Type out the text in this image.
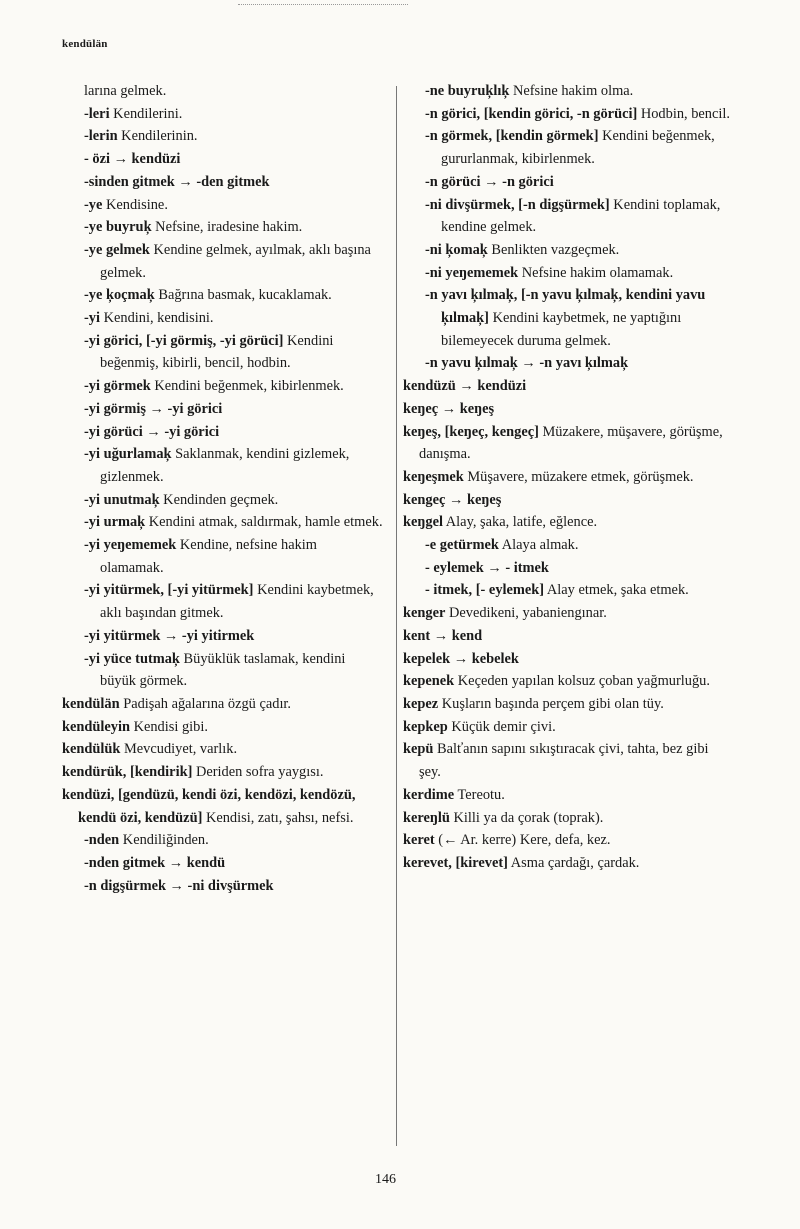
kendülän

larına gelmek.

-leri Kendilerini.

-lerin Kendilerinin.

- özi → kendüzi

-sinden gitmek → -den gitmek

-ye Kendisine.

-ye buyruķ Nefsine, iradesine hakim.

-ye gelmek Kendine gelmek, ayılmak, aklı başına gelmek.

-ye ķoçmaķ Bağrına basmak, kucaklamak.

-yi Kendini, kendisini.

-yi görici, [-yi görmiş, -yi görüci] Kendini beğenmiş, kibirli, bencil, hodbin.

-yi görmek Kendini beğenmek, kibirlenmek.

-yi görmiş → -yi görici

-yi görüci → -yi görici

-yi uğurlamaķ Saklanmak, kendini gizlemek, gizlenmek.

-yi unutmaķ Kendinden geçmek.

-yi urmaķ Kendini atmak, saldırmak, hamle etmek.

-yi yeŋememek Kendine, nefsine hakim olamamak.

-yi yitürmek, [-yi yitürmek] Kendini kaybetmek, aklı başından gitmek.

-yi yitürmek → -yi yitirmek

-yi yüce tutmaķ Büyüklük taslamak, kendini büyük görmek.

kendülän Padişah ağalarına özgü çadır.

kendüleyin Kendisi gibi.

kendülük Mevcudiyet, varlık.

kendürük, [kendirik] Deriden sofra yaygısı.

kendüzi, [gendüzü, kendi özi, kendözi, kendözü, kendü özi, kendüzü] Kendisi, zatı, şahsı, nefsi.

-nden Kendiliğinden.

-nden gitmek → kendü

-n digşürmek → -ni divşürmek

-ne buyruķlıķ Nefsine hakim olma.

-n görici, [kendin görici, -n görüci] Hodbin, bencil.

-n görmek, [kendin görmek] Kendini beğenmek, gururlanmak, kibirlenmek.

-n görüci → -n görici

-ni divşürmek, [-n digşürmek] Kendini toplamak, kendine gelmek.

-ni ķomaķ Benlikten vazgeçmek.

-ni yeŋememek Nefsine hakim olamamak.

-n yavı ķılmaķ, [-n yavu ķılmaķ, kendini yavu ķılmaķ] Kendini kaybetmek, ne yaptığını bilemeyecek duruma gelmek.

-n yavu ķılmaķ → -n yavı ķılmaķ

kendüzü → kendüzi

keŋeç → keŋeş

keŋeş, [keŋeç, kengeç] Müzakere, müşavere, görüşme, danışma.

keŋeşmek Müşavere, müzakere etmek, görüşmek.

kengeç → keŋeş

keŋgel Alay, şaka, latife, eğlence.

-e getürmek Alaya almak.

- eylemek → - itmek

- itmek, [- eylemek] Alay etmek, şaka etmek.

kenger Devedikeni, yabaniengınar.

kent → kend

kepelek → kebelek

kepenek Keçeden yapılan kolsuz çoban yağmurluğu.

kepez Kuşların başında perçem gibi olan tüy.

kepkep Küçük demir çivi.

kepü Balťanın sapını sıkıştıracak çivi, tahta, bez gibi şey.

kerdime Tereotu.

kereŋlü Killi ya da çorak (toprak).

keret (← Ar. kerre) Kere, defa, kez.

kerevet, [kirevet] Asma çardağı, çardak.

146
